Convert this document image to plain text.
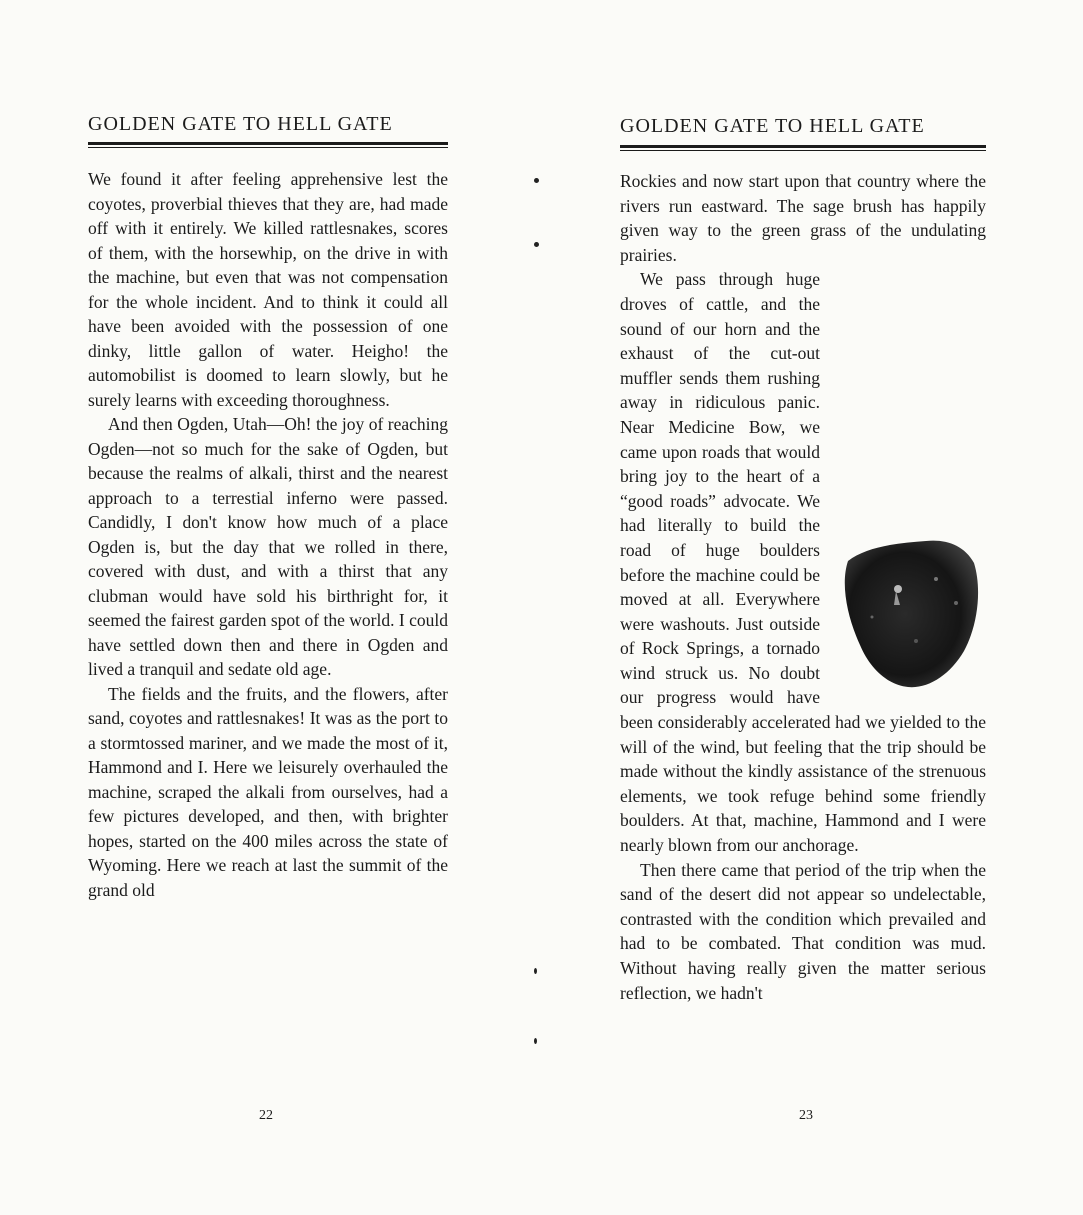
GOLDEN GATE TO HELL GATE

We found it after feeling apprehensive lest the coyotes, proverbial thieves that they are, had made off with it entirely. We killed rattlesnakes, scores of them, with the horsewhip, on the drive in with the machine, but even that was not compensation for the whole incident. And to think it could all have been avoided with the possession of one dinky, little gallon of water. Heigho! the automobilist is doomed to learn slowly, but he surely learns with exceeding thoroughness.

And then Ogden, Utah—Oh! the joy of reaching Ogden—not so much for the sake of Ogden, but because the realms of alkali, thirst and the nearest approach to a terrestial inferno were passed. Candidly, I don't know how much of a place Ogden is, but the day that we rolled in there, covered with dust, and with a thirst that any clubman would have sold his birthright for, it seemed the fairest garden spot of the world. I could have settled down then and there in Ogden and lived a tranquil and sedate old age.

The fields and the fruits, and the flowers, after sand, coyotes and rattlesnakes! It was as the port to a stormtossed mariner, and we made the most of it, Hammond and I. Here we leisurely overhauled the machine, scraped the alkali from ourselves, had a few pictures developed, and then, with brighter hopes, started on the 400 miles across the state of Wyoming. Here we reach at last the summit of the grand old

22
GOLDEN GATE TO HELL GATE

Rockies and now start upon that country where the rivers run eastward. The sage brush has happily given way to the green grass of the undulating prairies.

We pass through huge droves of cattle, and the sound of our horn and the exhaust of the cut-out muffler sends them rushing away in ridiculous panic. Near Medicine Bow, we came upon roads that would bring joy to the heart of a “good roads” advocate. We had literally to build the road of huge boulders before the machine could be moved at all. Everywhere were washouts. Just outside of Rock Springs, a tornado wind struck us. No doubt our progress would have been considerably accelerated had we yielded to the will of the wind, but feeling that the trip should be made without the kindly assistance of the strenuous elements, we took refuge behind some friendly boulders. At that, machine, Hammond and I were nearly blown from our anchorage.

Then there came that period of the trip when the sand of the desert did not appear so undelectable, contrasted with the condition which prevailed and had to be combated. That condition was mud. Without having really given the matter serious reflection, we hadn't

23
